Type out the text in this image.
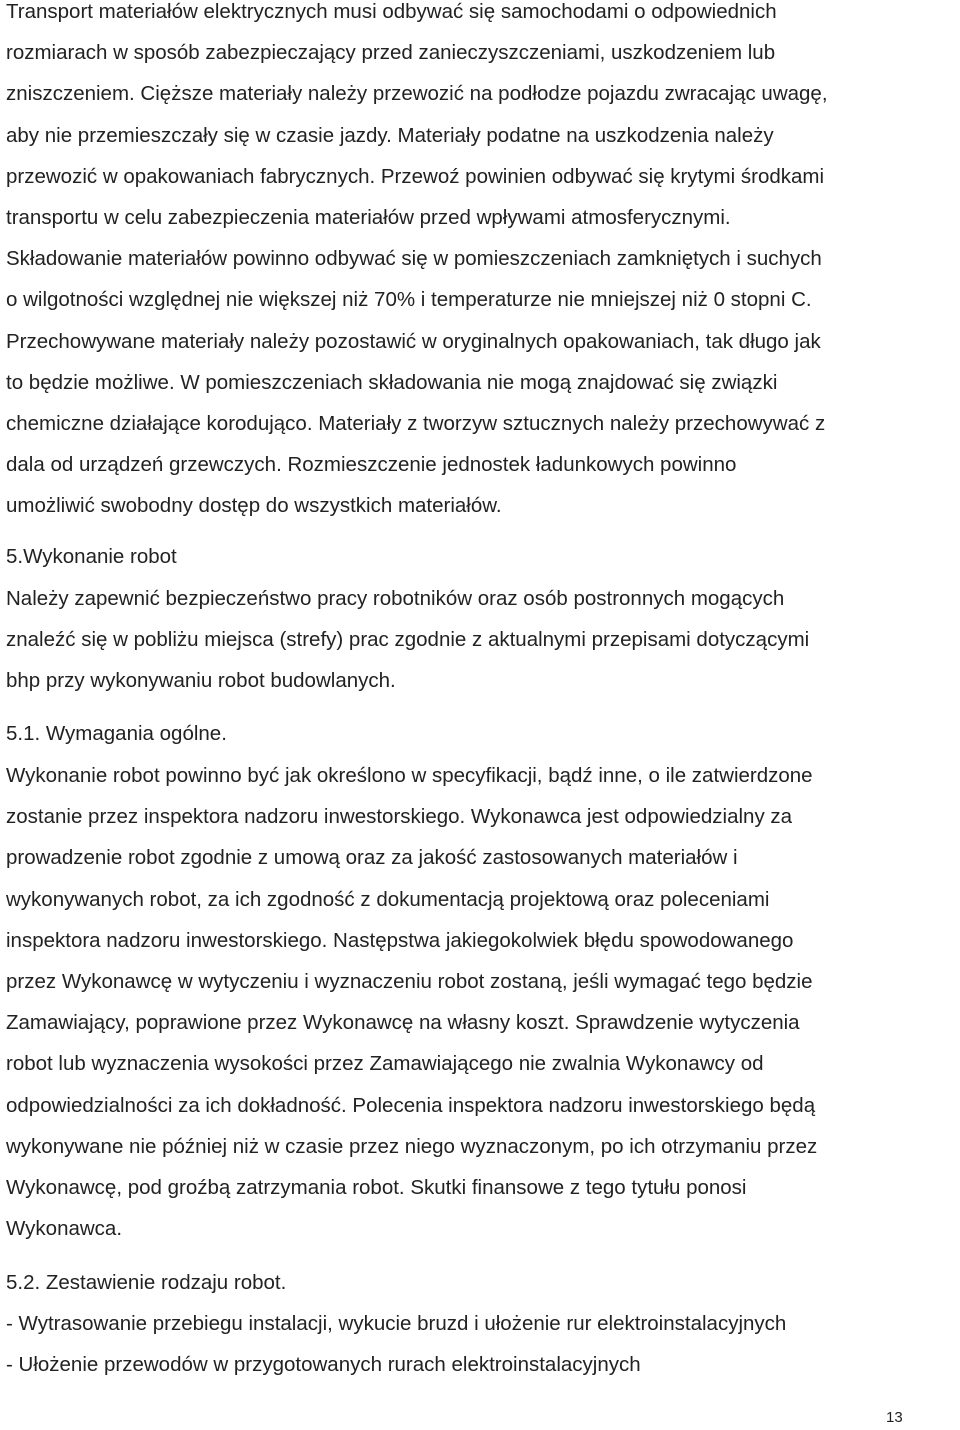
Transport materiałów elektrycznych musi odbywać się samochodami o odpowiednich
rozmiarach w sposób zabezpieczający przed zanieczyszczeniami, uszkodzeniem lub
zniszczeniem. Cięższe materiały należy przewozić na podłodze pojazdu zwracając uwagę,
aby nie przemieszczały się w czasie jazdy. Materiały podatne na uszkodzenia należy
przewozić w opakowaniach fabrycznych. Przewoź powinien odbywać się krytymi środkami
transportu w celu zabezpieczenia materiałów przed wpływami atmosferycznymi.
Składowanie materiałów powinno odbywać się w pomieszczeniach zamkniętych i suchych
o wilgotności względnej nie większej niż 70% i temperaturze nie mniejszej niż 0 stopni C.
Przechowywane materiały należy pozostawić w oryginalnych opakowaniach, tak długo jak
to będzie możliwe. W pomieszczeniach składowania nie mogą znajdować się związki
chemiczne działające korodująco. Materiały z tworzyw sztucznych należy przechowywać z
dala od urządzeń grzewczych. Rozmieszczenie jednostek ładunkowych powinno
umożliwić swobodny dostęp do wszystkich materiałów.
5.Wykonanie robot
Należy zapewnić bezpieczeństwo pracy robotników oraz osób postronnych mogących
znaleźć się w pobliżu miejsca (strefy) prac zgodnie z aktualnymi przepisami dotyczącymi
bhp przy wykonywaniu robot budowlanych.
5.1. Wymagania ogólne.
Wykonanie robot powinno być jak określono w specyfikacji, bądź inne, o ile zatwierdzone
zostanie przez inspektora nadzoru inwestorskiego. Wykonawca jest odpowiedzialny za
prowadzenie robot zgodnie z umową oraz za jakość zastosowanych materiałów i
wykonywanych robot, za ich zgodność z dokumentacją projektową oraz poleceniami
inspektora nadzoru inwestorskiego. Następstwa jakiegokolwiek błędu spowodowanego
przez Wykonawcę w wytyczeniu i wyznaczeniu robot zostaną, jeśli wymagać tego będzie
Zamawiający, poprawione przez Wykonawcę na własny koszt. Sprawdzenie wytyczenia
robot lub wyznaczenia wysokości przez Zamawiającego nie zwalnia Wykonawcy od
odpowiedzialności za ich dokładność. Polecenia inspektora nadzoru inwestorskiego będą
wykonywane nie później niż w czasie przez niego wyznaczonym, po ich otrzymaniu przez
Wykonawcę, pod groźbą zatrzymania robot. Skutki finansowe z tego tytułu ponosi
Wykonawca.
5.2. Zestawienie rodzaju robot.
- Wytrasowanie przebiegu instalacji, wykucie bruzd i ułożenie rur elektroinstalacyjnych
- Ułożenie przewodów w przygotowanych rurach elektroinstalacyjnych
13
